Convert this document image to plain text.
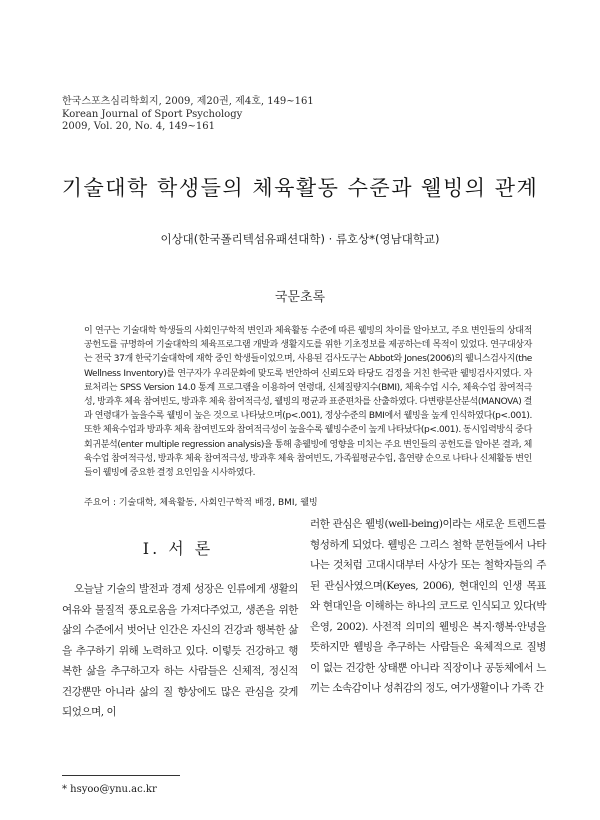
한국스포츠심리학회지, 2009, 제20권, 제4호, 149~161
Korean Journal of Sport Psychology
2009, Vol. 20, No. 4, 149~161
기술대학 학생들의 체육활동 수준과 웰빙의 관계
이상대(한국폴리텍섬유패션대학) · 류호상*(영남대학교)
국문초록

이 연구는 기술대학 학생들의 사회인구학적 변인과 체육활동 수준에 따른 웰빙의 차이를 알아보고, 주요 변인들의 상대적 공헌도를 규명하여 기술대학의 체육프로그램 개발과 생활지도를 위한 기초정보를 제공하는데 목적이 있었다. 연구대상자는 전국 37개 한국기술대학에 재학 중인 학생들이었으며, 사용된 검사도구는 Abbot와 Jones(2006)의 웰니스검사지(the Wellness Inventory)를 연구자가 우리문화에 맞도록 번안하여 신뢰도와 타당도 검정을 거친 한국판 웰빙검사지였다. 자료처리는 SPSS Version 14.0 통계 프로그램을 이용하여 연령대, 신체질량지수(BMI), 체육수업 시수, 체육수업 참여적극성, 방과후 체육 참여빈도, 방과후 체육 참여적극성, 웰빙의 평균과 표준편차를 산출하였다. 다변량분산분석(MANOVA) 결과 연령대가 높을수록 웰빙이 높은 것으로 나타났으며(p<.001), 정상수준의 BMI에서 웰빙을 높게 인식하였다(p<.001). 또한 체육수업과 방과후 체육 참여빈도와 참여적극성이 높을수록 웰빙수준이 높게 나타났다(p<.001). 동시입력방식 중다회귀분석(enter multiple regression analysis)을 통해 총웰빙에 영향을 미치는 주요 변인들의 공헌도를 알아본 결과, 체육수업 참여적극성, 방과후 체육 참여적극성, 방과후 체육 참여빈도, 가족월평균수입, 흡연량 순으로 나타나 신체활동 변인들이 웰빙에 중요한 결정 요인임을 시사하였다.

주요어 : 기술대학, 체육활동, 사회인구학적 배경, BMI, 웰빙
Ⅰ. 서 론

오늘날 기술의 발전과 경제 성장은 인류에게 생활의 여유와 물질적 풍요로움을 가져다주었고, 생존을 위한 삶의 수준에서 벗어난 인간은 자신의 건강과 행복한 삶을 추구하기 위해 노력하고 있다. 이렇듯 건강하고 행복한 삶을 추구하고자 하는 사람들은 신체적, 정신적 건강뿐만 아니라 삶의 질 향상에도 많은 관심을 갖게 되었으며, 이

러한 관심은 웰빙(well-being)이라는 새로운 트렌드를 형성하게 되었다. 웰빙은 그리스 철학 문헌들에서 나타나는 것처럼 고대시대부터 사상가 또는 철학자들의 주된 관심사였으며(Keyes, 2006), 현대인의 인생 목표와 현대인을 이해하는 하나의 코드로 인식되고 있다(박은영, 2002). 사전적 의미의 웰빙은 복지·행복·안녕을 뜻하지만 웰빙을 추구하는 사람들은 육체적으로 질병이 없는 건강한 상태뿐 아니라 직장이나 공동체에서 느끼는 소속감이나 성취감의 정도, 여가생활이나 가족 간

* hsyoo@ynu.ac.kr
